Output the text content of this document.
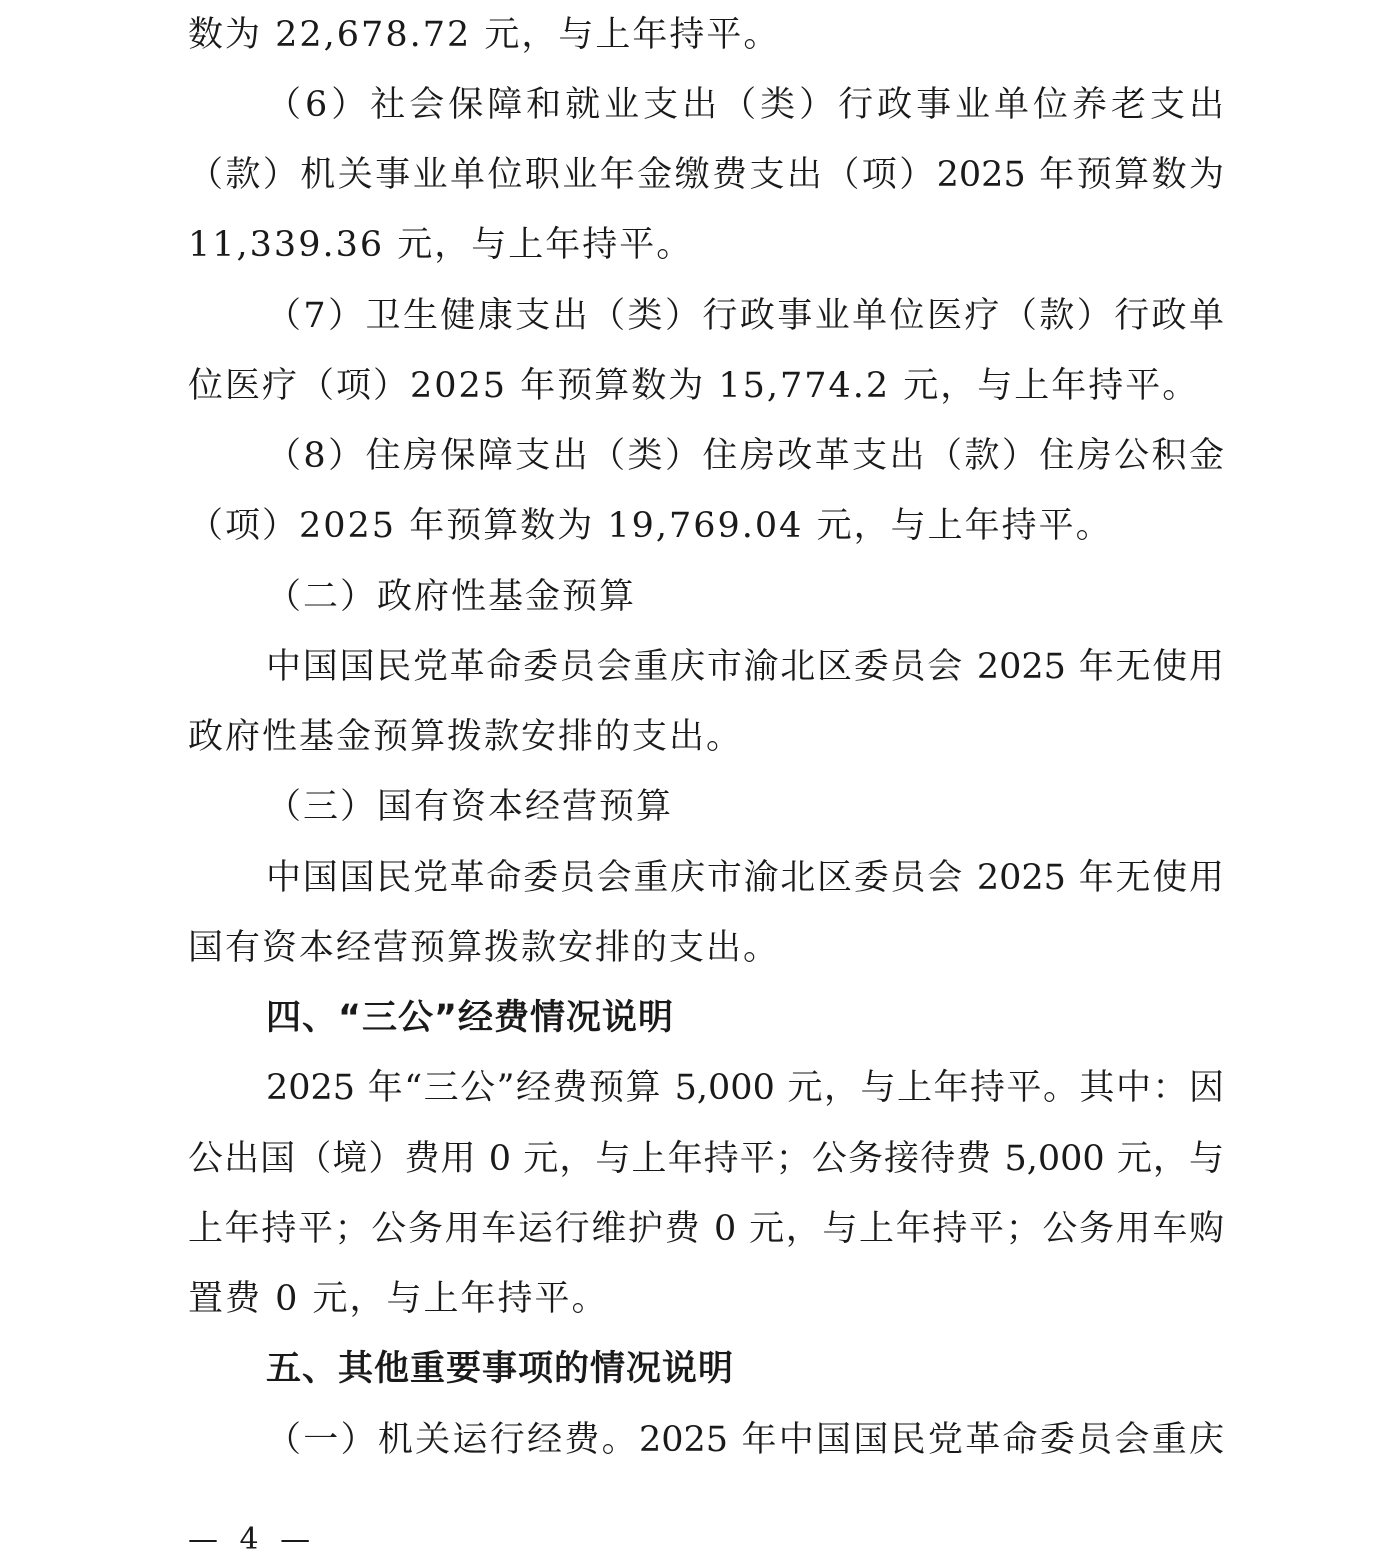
数为 22,678.72 元，与上年持平。
（6）社会保障和就业支出（类）行政事业单位养老支出
（款）机关事业单位职业年金缴费支出（项）2025 年预算数为
11,339.36 元，与上年持平。
（7）卫生健康支出（类）行政事业单位医疗（款）行政单
位医疗（项）2025 年预算数为 15,774.2 元，与上年持平。
（8）住房保障支出（类）住房改革支出（款）住房公积金
（项）2025 年预算数为 19,769.04 元，与上年持平。
（二）政府性基金预算
中国国民党革命委员会重庆市渝北区委员会 2025 年无使用
政府性基金预算拨款安排的支出。
（三）国有资本经营预算
中国国民党革命委员会重庆市渝北区委员会 2025 年无使用
国有资本经营预算拨款安排的支出。
四、“三公”经费情况说明
2025 年“三公”经费预算 5,000 元，与上年持平。其中：因
公出国（境）费用 0 元，与上年持平；公务接待费 5,000 元，与
上年持平；公务用车运行维护费 0 元，与上年持平；公务用车购
置费 0 元，与上年持平。
五、其他重要事项的情况说明
（一）机关运行经费。2025 年中国国民党革命委员会重庆
— 4 —
